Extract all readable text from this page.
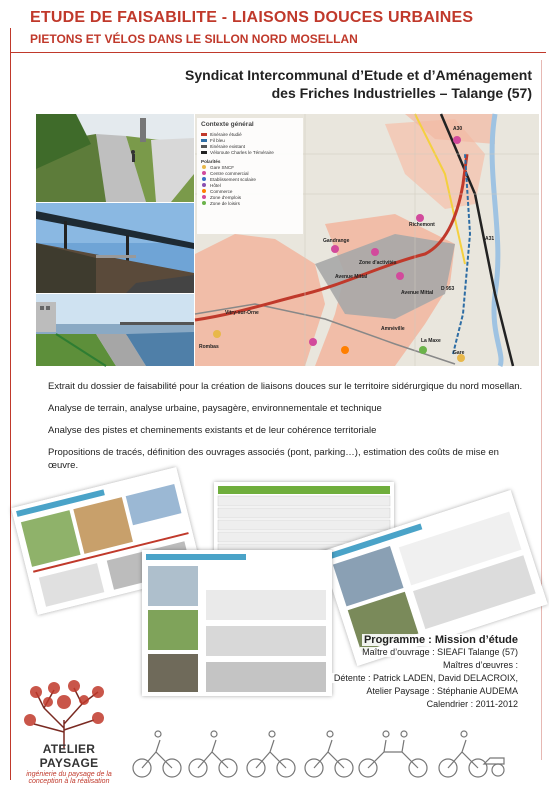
ETUDE DE FAISABILITE - LIAISONS DOUCES URBAINES
PIETONS ET VÉLOS DANS LE SILLON NORD MOSELLAN
Syndicat Intercommunal d’Etude et d’Aménagement
des Friches Industrielles – Talange (57)
Contexte général
Itinéraire étudié
Fil bleu
Itinéraire existant
Véloroute Charles le Téméraire
Polarités
Gare SNCF
Centre commercial
Etablissement scolaire
Hôtel
Commerce
Zone d'emplois
Zone de loisirs
Richemont
Gandrange
Zone d'activités
Amnéville
Vitry-sur-Orne
Rombas
Avenue Mittal
Avenue Mittal
La Maxe
A31
A30
D 953
Gare

Extrait du dossier de faisabilité pour la création de liaisons douces sur le territoire sidérurgique du nord mosellan.

Analyse de terrain, analyse urbaine, paysagère, environnementale et technique

Analyse des pistes et cheminements existants et de leur cohérence territoriale

Propositions de tracés, définition des ouvrages associés (pont, parking…), estimation des coûts de mise en œuvre.

Programme : Mission d’étude
Maître d’ouvrage : SIEAFI Talange (57)
Maîtres d’œuvres :
Détente : Patrick LADEN, David DELACROIX,
Atelier Paysage : Stéphanie AUDEMA
Calendrier : 2011-2012
ATELIER PAYSAGE
ingénierie du paysage de la conception à la réalisation
